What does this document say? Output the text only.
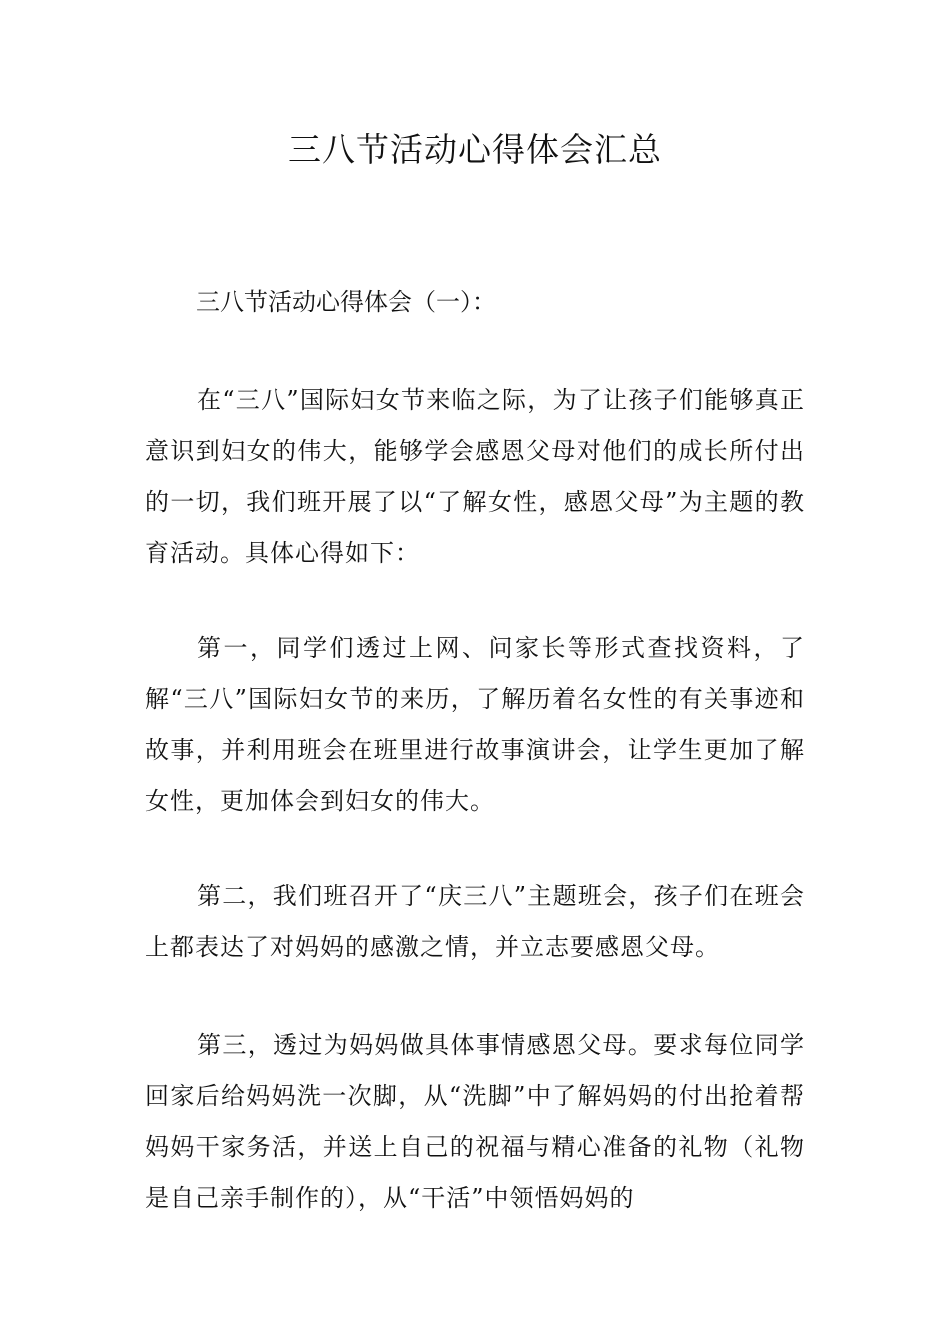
三八节活动心得体会汇总

三八节活动心得体会（一）：

在“三八”国际妇女节来临之际，为了让孩子们能够真正意识到妇女的伟大，能够学会感恩父母对他们的成长所付出的一切，我们班开展了以“了解女性，感恩父母”为主题的教育活动。具体心得如下：

第一，同学们透过上网、问家长等形式查找资料，了解“三八”国际妇女节的来历，了解历着名女性的有关事迹和故事，并利用班会在班里进行故事演讲会，让学生更加了解女性，更加体会到妇女的伟大。

第二，我们班召开了“庆三八”主题班会，孩子们在班会上都表达了对妈妈的感激之情，并立志要感恩父母。

第三，透过为妈妈做具体事情感恩父母。要求每位同学回家后给妈妈洗一次脚，从“洗脚”中了解妈妈的付出抢着帮妈妈干家务活，并送上自己的祝福与精心准备的礼物（礼物是自己亲手制作的），从“干活”中领悟妈妈的
